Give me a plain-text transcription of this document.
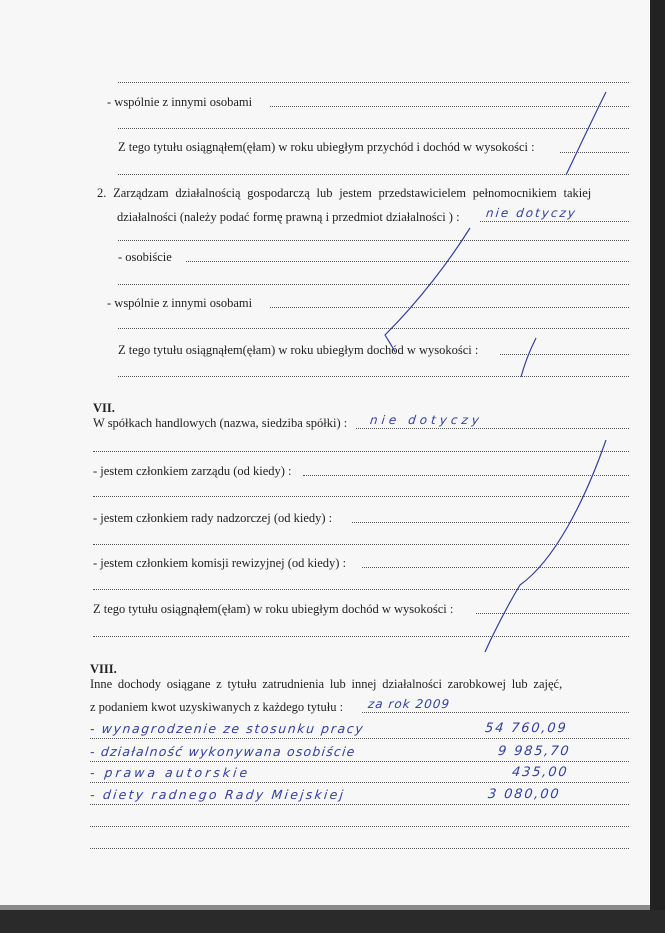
- wspólnie z innymi osobami
Z tego tytułu osiągnąłem(ęłam) w roku ubiegłym przychód i dochód w wysokości :
2. Zarządzam działalnością gospodarczą lub jestem przedstawicielem pełnomocnikiem takiej
działalności (należy podać formę prawną i przedmiot działalności ) : nie dotyczy
- osobiście
- wspólnie z innymi osobami
Z tego tytułu osiągnąłem(ęłam) w roku ubiegłym dochód w wysokości :
VII.
W spółkach handlowych (nazwa, siedziba spółki) : nie dotyczy
- jestem członkiem zarządu (od kiedy) :
- jestem członkiem rady nadzorczej (od kiedy) :
- jestem członkiem komisji rewizyjnej (od kiedy) :
Z tego tytułu osiągnąłem(ęłam) w roku ubiegłym dochód w wysokości :
VIII.
Inne dochody osiągane z tytułu zatrudnienia lub innej działalności zarobkowej lub zajęć,
z podaniem kwot uzyskiwanych z każdego tytułu : za rok 2009
- wynagrodzenie ze stosunku pracy	54 760,09
- działalność wykonywana osobiście	9 985,70
- prawa autorskie	435,00
- diety radnego Rady Miejskiej	3 080,00
